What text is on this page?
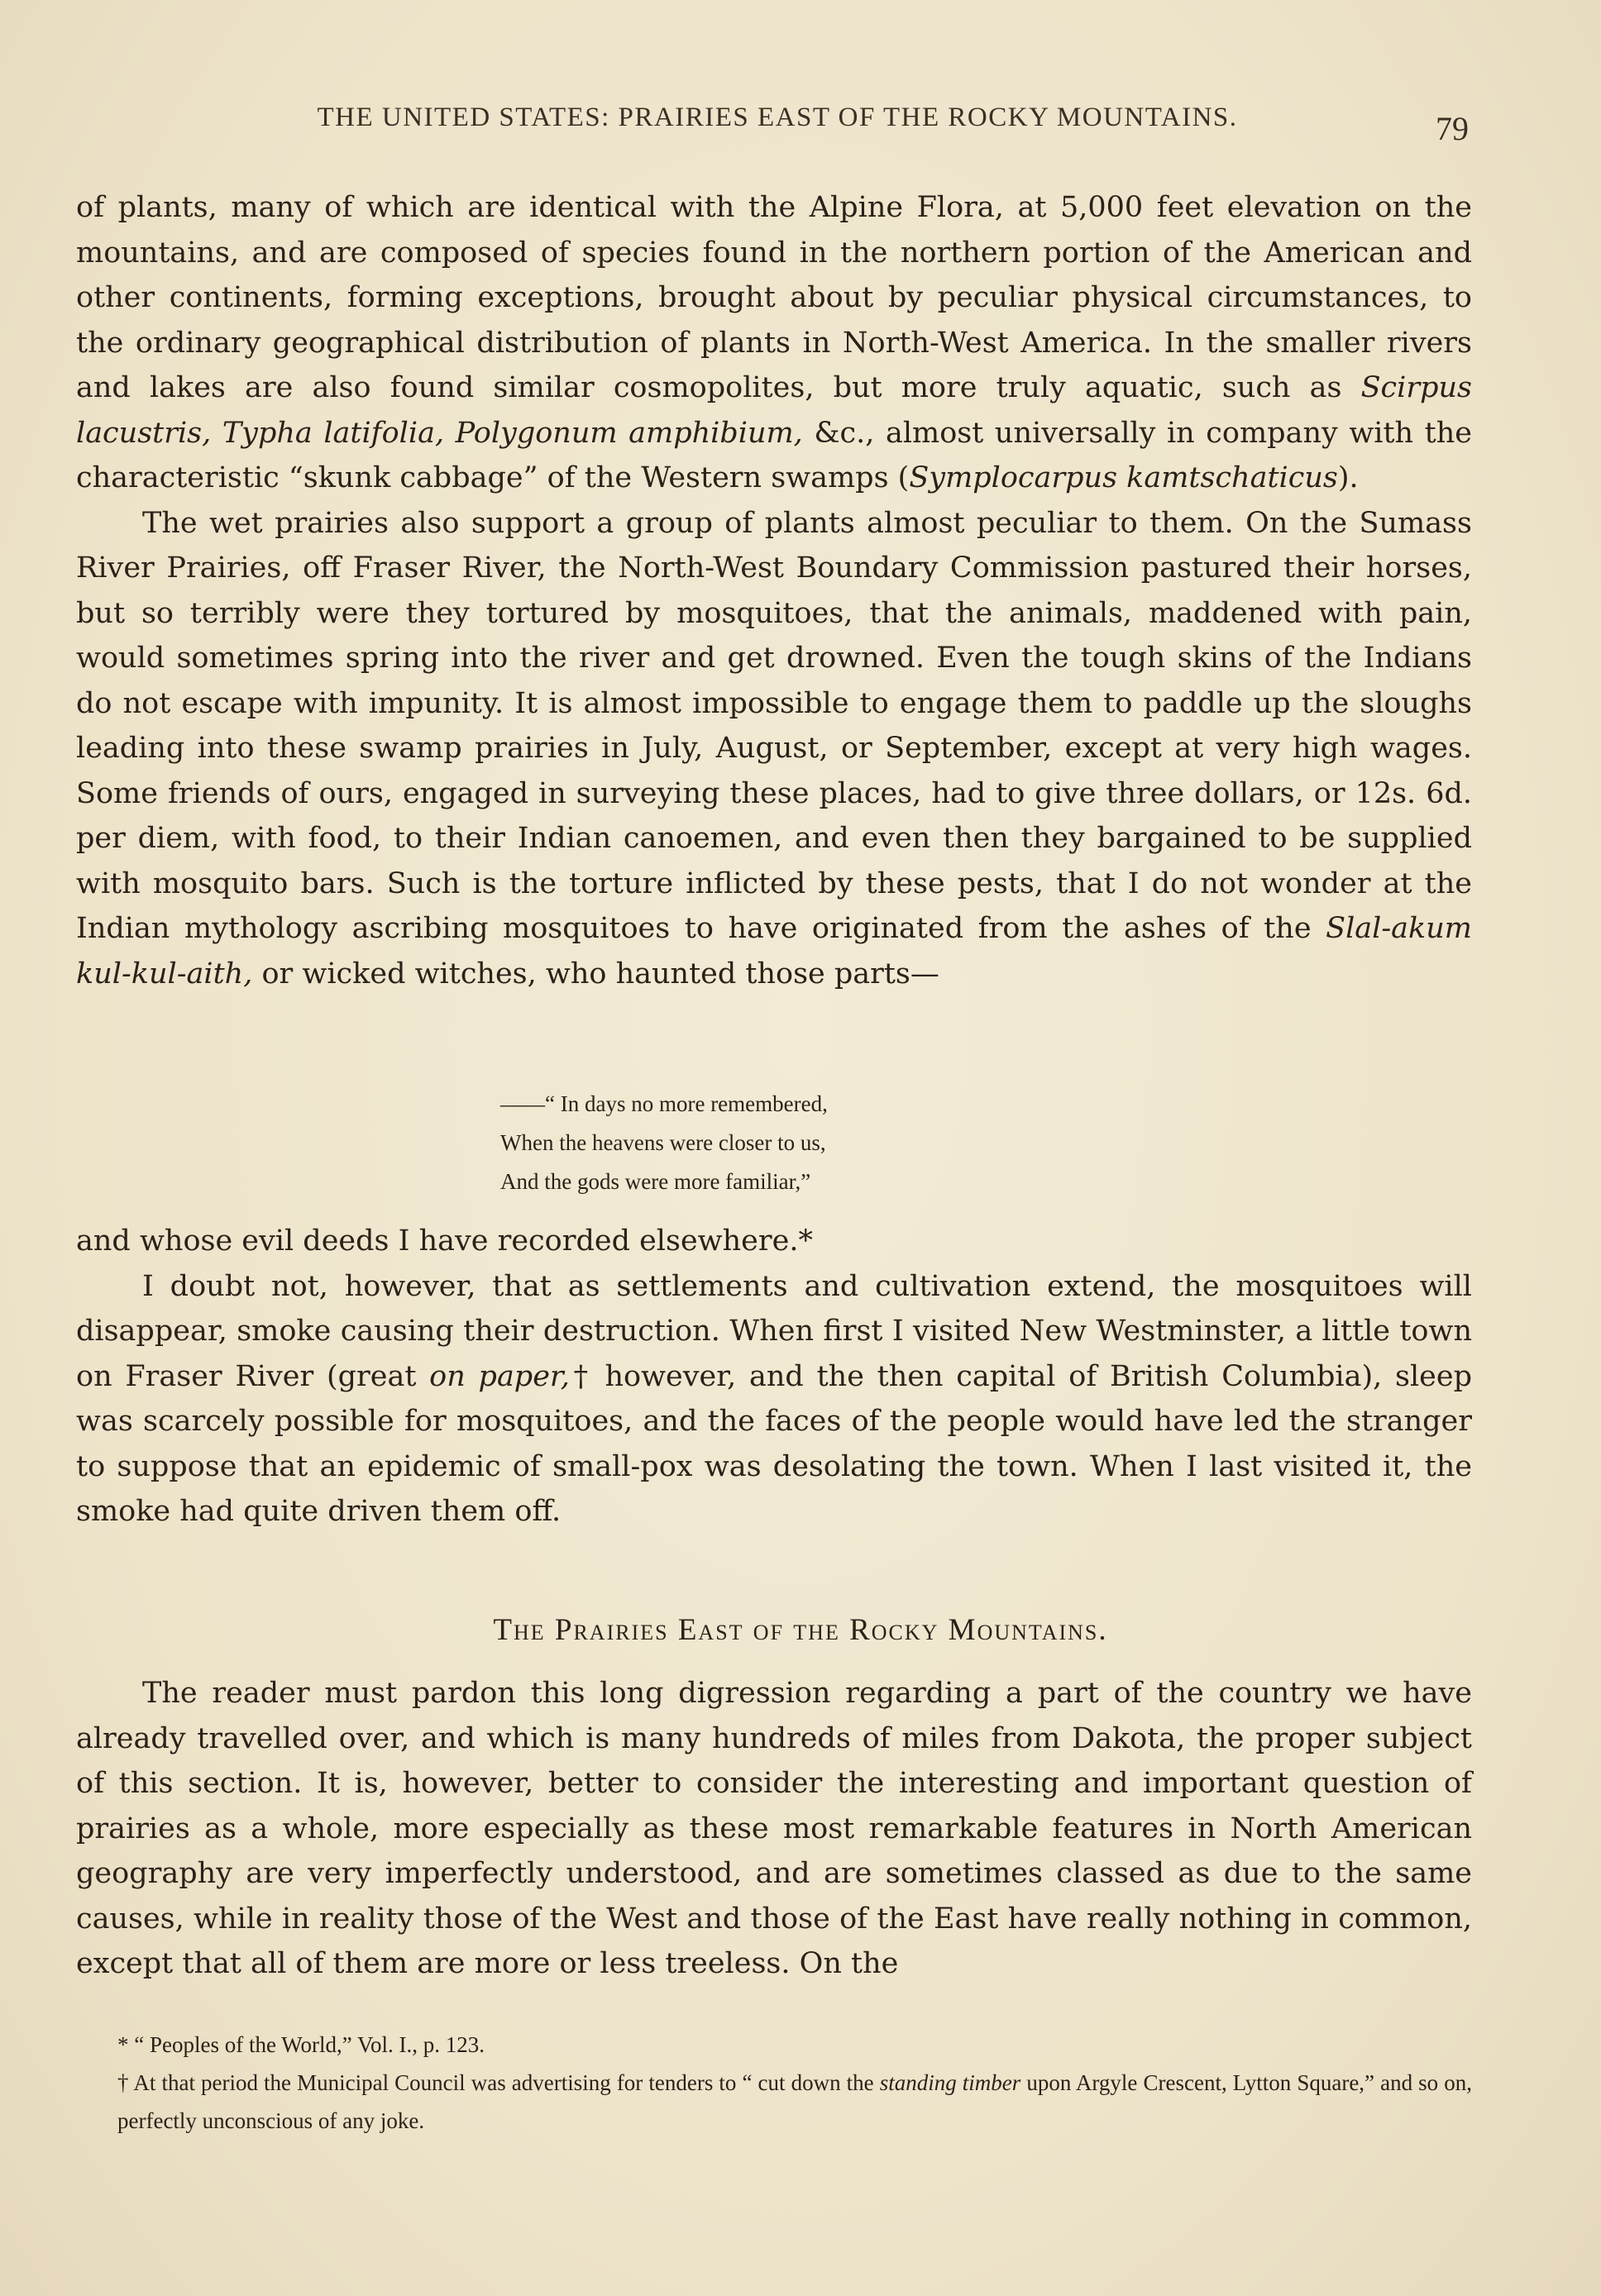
THE UNITED STATES: PRAIRIES EAST OF THE ROCKY MOUNTAINS.	79

of plants, many of which are identical with the Alpine Flora, at 5,000 feet elevation on the mountains, and are composed of species found in the northern portion of the American and other continents, forming exceptions, brought about by peculiar physical circumstances, to the ordinary geographical distribution of plants in North-West America. In the smaller rivers and lakes are also found similar cosmopolites, but more truly aquatic, such as Scirpus lacustris, Typha latifolia, Polygonum amphibium, &c., almost universally in company with the characteristic “skunk cabbage” of the Western swamps (Symplocarpus kamtschaticus).

The wet prairies also support a group of plants almost peculiar to them. On the Sumass River Prairies, off Fraser River, the North-West Boundary Commission pastured their horses, but so terribly were they tortured by mosquitoes, that the animals, maddened with pain, would sometimes spring into the river and get drowned. Even the tough skins of the Indians do not escape with impunity. It is almost impossible to engage them to paddle up the sloughs leading into these swamp prairies in July, August, or September, except at very high wages. Some friends of ours, engaged in surveying these places, had to give three dollars, or 12s. 6d. per diem, with food, to their Indian canoemen, and even then they bargained to be supplied with mosquito bars. Such is the torture inflicted by these pests, that I do not wonder at the Indian mythology ascribing mosquitoes to have originated from the ashes of the Slal-akum kul-kul-aith, or wicked witches, who haunted those parts—

——“ In days no more remembered,
When the heavens were closer to us,
And the gods were more familiar,”

and whose evil deeds I have recorded elsewhere.*

I doubt not, however, that as settlements and cultivation extend, the mosquitoes will disappear, smoke causing their destruction. When first I visited New Westminster, a little town on Fraser River (great on paper,† however, and the then capital of British Columbia), sleep was scarcely possible for mosquitoes, and the faces of the people would have led the stranger to suppose that an epidemic of small-pox was desolating the town. When I last visited it, the smoke had quite driven them off.

The Prairies East of the Rocky Mountains.

The reader must pardon this long digression regarding a part of the country we have already travelled over, and which is many hundreds of miles from Dakota, the proper subject of this section. It is, however, better to consider the interesting and important question of prairies as a whole, more especially as these most remarkable features in North American geography are very imperfectly understood, and are sometimes classed as due to the same causes, while in reality those of the West and those of the East have really nothing in common, except that all of them are more or less treeless. On the

* “ Peoples of the World,” Vol. I., p. 123.

† At that period the Municipal Council was advertising for tenders to “ cut down the standing timber upon Argyle Crescent, Lytton Square,” and so on, perfectly unconscious of any joke.
